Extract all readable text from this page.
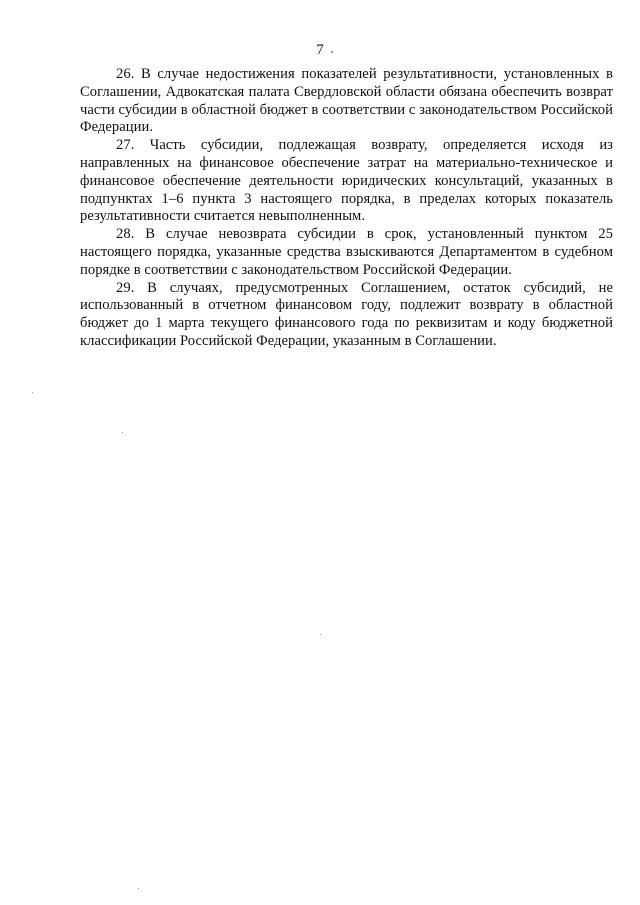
7

26. В случае недостижения показателей результативности, установленных в Соглашении, Адвокатская палата Свердловской области обязана обеспечить возврат части субсидии в областной бюджет в соответствии с законодательством Российской Федерации.

27. Часть субсидии, подлежащая возврату, определяется исходя из направленных на финансовое обеспечение затрат на материально-техническое и финансовое обеспечение деятельности юридических консультаций, указанных в подпунктах 1–6 пункта 3 настоящего порядка, в пределах которых показатель результативности считается невыполненным.

28. В случае невозврата субсидии в срок, установленный пунктом 25 настоящего порядка, указанные средства взыскиваются Департаментом в судебном порядке в соответствии с законодательством Российской Федерации.

29. В случаях, предусмотренных Соглашением, остаток субсидий, не использованный в отчетном финансовом году, подлежит возврату в областной бюджет до 1 марта текущего финансового года по реквизитам и коду бюджетной классификации Российской Федерации, указанным в Соглашении.
